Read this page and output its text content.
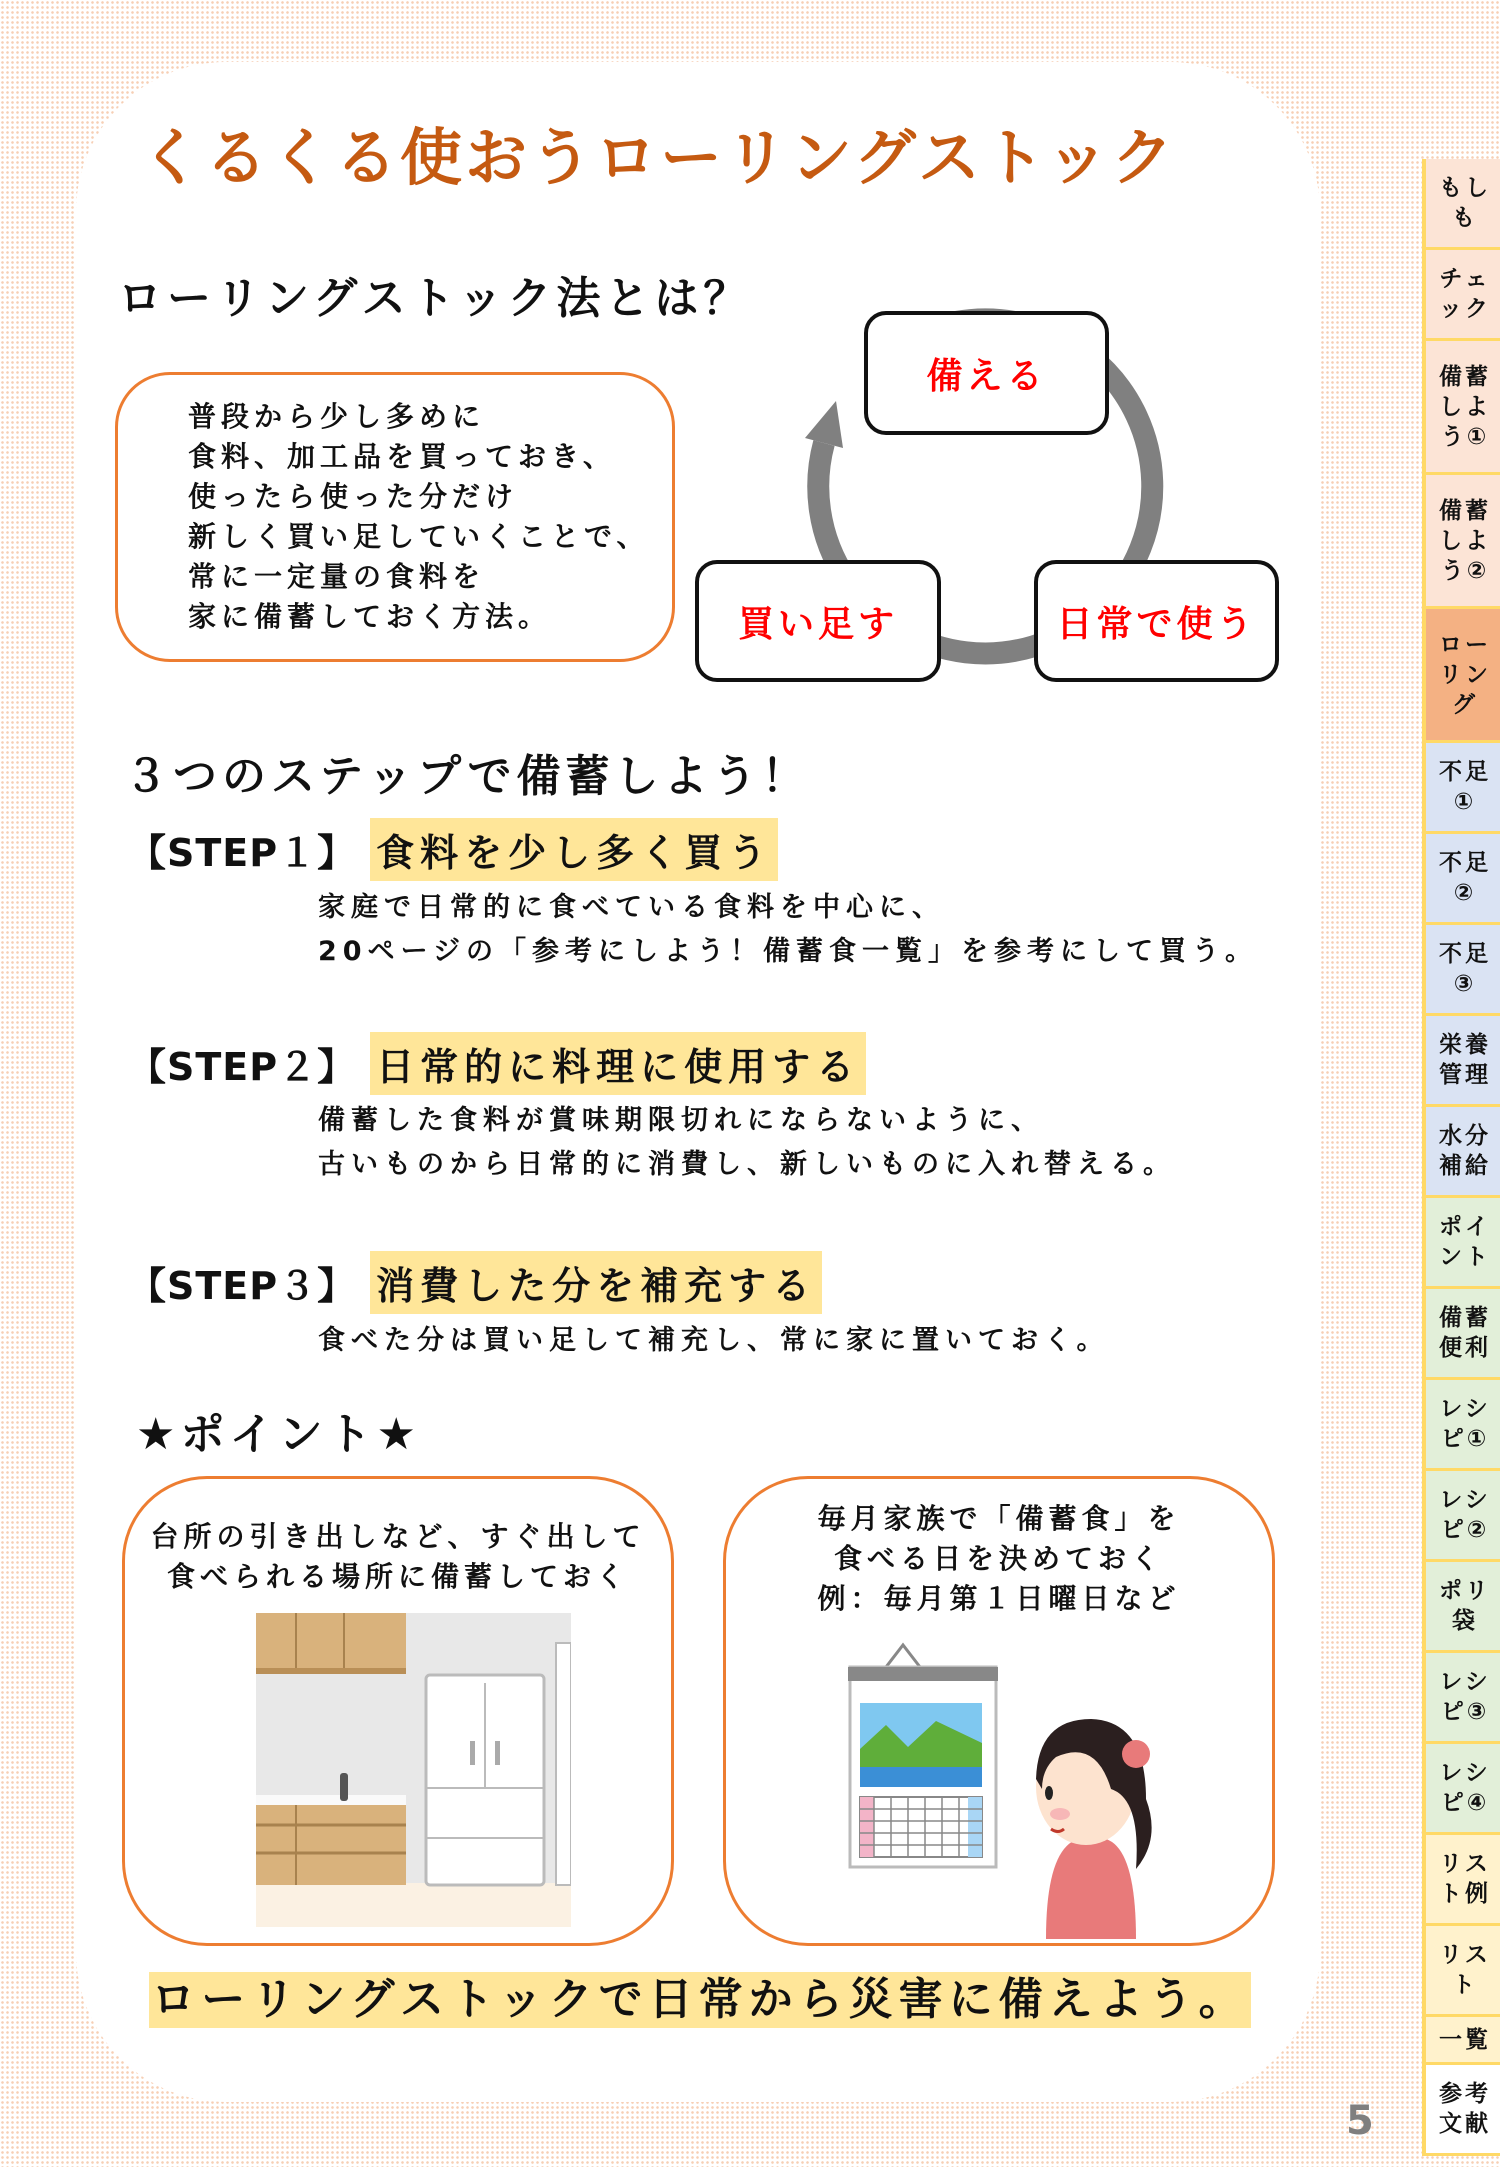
くるくる使おうローリングストック
ローリングストック法とは？
普段から少し多めに
食料、加工品を買っておき、
使ったら使った分だけ
新しく買い足していくことで、
常に一定量の食料を
家に備蓄しておく方法。
備える
買い足す	日常で使う
３つのステップで備蓄しよう！
【STEP１】 食料を少し多く買う
家庭で日常的に食べている食料を中心に、
20ページの「参考にしよう！備蓄食一覧」を参考にして買う。
【STEP２】 日常的に料理に使用する
備蓄した食料が賞味期限切れにならないように、
古いものから日常的に消費し、新しいものに入れ替える。
【STEP３】 消費した分を補充する
食べた分は買い足して補充し、常に家に置いておく。
★ポイント★
台所の引き出しなど、すぐ出して
食べられる場所に備蓄しておく
毎月家族で「備蓄食」を
食べる日を決めておく
例：毎月第１日曜日など
ローリングストックで日常から災害に備えよう。
5
もし
も
チェ
ック
備蓄
しよ
う①
備蓄
しよ
う②
ロー
リン
グ
不足
①
不足
②
不足
③
栄養
管理
水分
補給
ポイ
ント
備蓄
便利
レシ
ピ①
レシ
ピ②
ポリ
袋
レシ
ピ③
レシ
ピ④
リス
ト例
リス
ト
一覧
参考
文献
